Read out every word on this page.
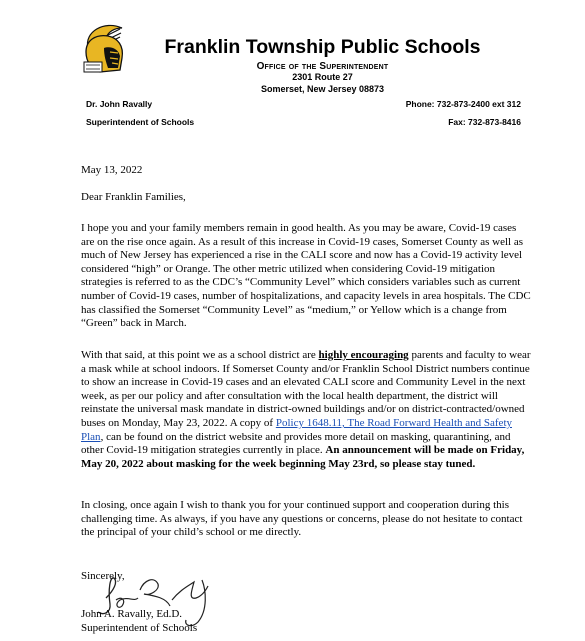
Franklin Township Public Schools
Office of the Superintendent
2301 Route 27
Somerset, New Jersey 08873
Dr. John Ravally
Superintendent of Schools
Phone: 732-873-2400 ext 312
Fax: 732-873-8416
May 13, 2022
Dear Franklin Families,

I hope you and your family members remain in good health. As you may be aware, Covid-19 cases are on the rise once again. As a result of this increase in Covid-19 cases, Somerset County as well as much of New Jersey has experienced a rise in the CALI score and now has a Covid-19 activity level considered “high” or Orange. The other metric utilized when considering Covid-19 mitigation strategies is referred to as the CDC’s “Community Level” which considers variables such as current number of Covid-19 cases, number of hospitalizations, and capacity levels in area hospitals. The CDC has classified the Somerset “Community Level” as “medium,” or Yellow which is a change from “Green” back in March.

With that said, at this point we as a school district are highly encouraging parents and faculty to wear a mask while at school indoors. If Somerset County and/or Franklin School District numbers continue to show an increase in Covid-19 cases and an elevated CALI score and Community Level in the next week, as per our policy and after consultation with the local health department, the district will reinstate the universal mask mandate in district-owned buildings and/or on district-contracted/owned buses on Monday, May 23, 2022. A copy of Policy 1648.11, The Road Forward Health and Safety Plan, can be found on the district website and provides more detail on masking, quarantining, and other Covid-19 mitigation strategies currently in place. An announcement will be made on Friday, May 20, 2022 about masking for the week beginning May 23rd, so please stay tuned.

In closing, once again I wish to thank you for your continued support and cooperation during this challenging time. As always, if you have any questions or concerns, please do not hesitate to contact the principal of your child’s school or me directly.

Sincerely,
John A. Ravally, Ed.D.
Superintendent of Schools
